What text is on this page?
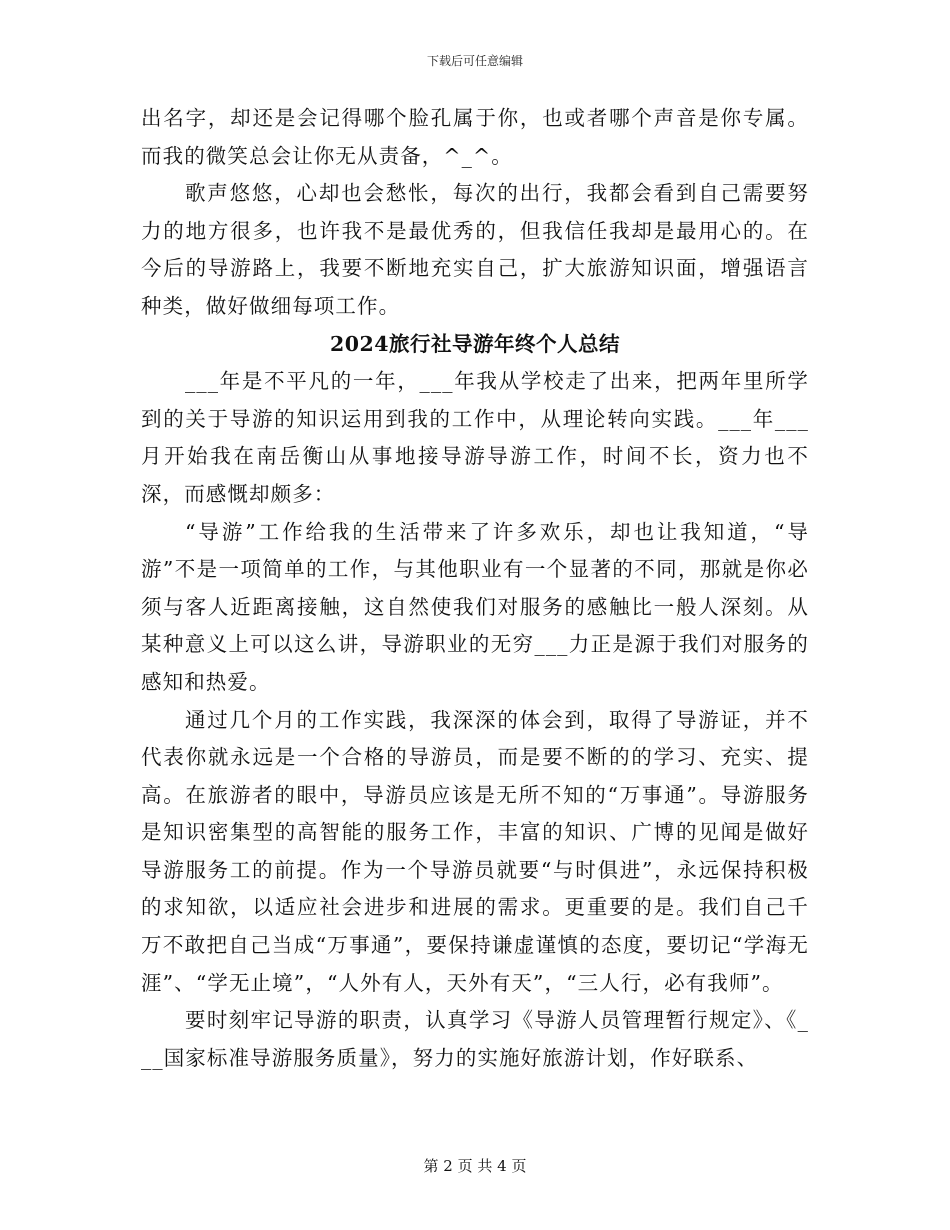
下载后可任意编辑

出名字，却还是会记得哪个脸孔属于你，也或者哪个声音是你专属。而我的微笑总会让你无从责备，^_^。

歌声悠悠，心却也会愁怅，每次的出行，我都会看到自己需要努力的地方很多，也许我不是最优秀的，但我信任我却是最用心的。在今后的导游路上，我要不断地充实自己，扩大旅游知识面，增强语言种类，做好做细每项工作。

2024旅行社导游年终个人总结

___年是不平凡的一年，___年我从学校走了出来，把两年里所学到的关于导游的知识运用到我的工作中，从理论转向实践。___年___月开始我在南岳衡山从事地接导游导游工作，时间不长，资力也不深，而感慨却颇多：

“导游”工作给我的生活带来了许多欢乐，却也让我知道，“导游”不是一项简单的工作，与其他职业有一个显著的不同，那就是你必须与客人近距离接触，这自然使我们对服务的感触比一般人深刻。从某种意义上可以这么讲，导游职业的无穷___力正是源于我们对服务的感知和热爱。

通过几个月的工作实践，我深深的体会到，取得了导游证，并不代表你就永远是一个合格的导游员，而是要不断的的学习、充实、提高。在旅游者的眼中，导游员应该是无所不知的“万事通”。导游服务是知识密集型的高智能的服务工作，丰富的知识、广博的见闻是做好导游服务工的前提。作为一个导游员就要“与时俱进”，永远保持积极的求知欲，以适应社会进步和进展的需求。更重要的是。我们自己千万不敢把自己当成“万事通”，要保持谦虚谨慎的态度，要切记“学海无涯”、“学无止境”，“人外有人，天外有天”，“三人行，必有我师”。

要时刻牢记导游的职责，认真学习《导游人员管理暂行规定》、《___国家标准导游服务质量》，努力的实施好旅游计划，作好联系、

第 2 页 共 4 页
